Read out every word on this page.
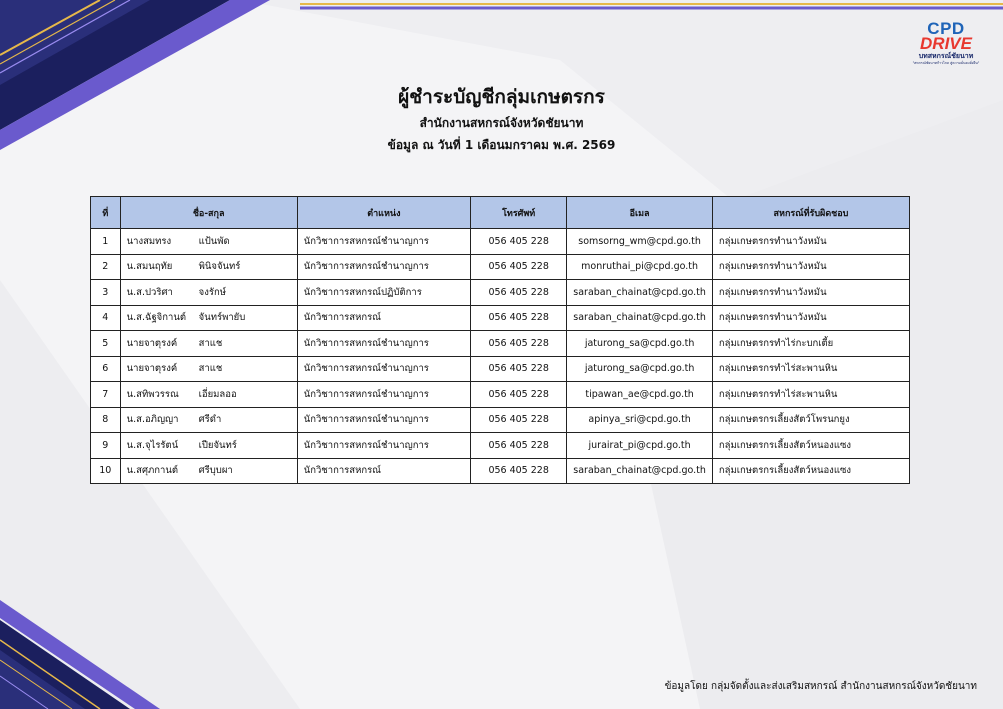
CPD
DRIVE
บทสหกรณ์ชัยนาท
"สหกรณ์ชัยนาทก้าวไกล สู่ความมั่นคงยั่งยืน"
ผู้ชำระบัญชีกลุ่มเกษตรกร
สำนักงานสหกรณ์จังหวัดชัยนาท
ข้อมูล ณ วันที่ 1 เดือนมกราคม พ.ศ. 2569
ที่	ชื่อ-สกุล	ตำแหน่ง	โทรศัพท์	อีเมล	สหกรณ์ที่รับผิดชอบ
1	นางสมทรง แป้นพัด	นักวิชาการสหกรณ์ชำนาญการ	056 405 228	somsorng_wm@cpd.go.th	กลุ่มเกษตรกรทำนาวังหมัน
2	น.สมนฤทัย พินิจจันทร์	นักวิชาการสหกรณ์ชำนาญการ	056 405 228	monruthai_pi@cpd.go.th	กลุ่มเกษตรกรทำนาวังหมัน
3	น.ส.ปวริศา จงรักษ์	นักวิชาการสหกรณ์ปฏิบัติการ	056 405 228	saraban_chainat@cpd.go.th	กลุ่มเกษตรกรทำนาวังหมัน
4	น.ส.ฉัฐจิกานต์ จันทร์พายับ	นักวิชาการสหกรณ์	056 405 228	saraban_chainat@cpd.go.th	กลุ่มเกษตรกรทำนาวังหมัน
5	นายจาตุรงค์ สาแช	นักวิชาการสหกรณ์ชำนาญการ	056 405 228	jaturong_sa@cpd.go.th	กลุ่มเกษตรกรทำไร่กะบกเตี้ย
6	นายจาตุรงค์ สาแช	นักวิชาการสหกรณ์ชำนาญการ	056 405 228	jaturong_sa@cpd.go.th	กลุ่มเกษตรกรทำไร่สะพานหิน
7	น.สทิพวรรณ เอี่ยมลออ	นักวิชาการสหกรณ์ชำนาญการ	056 405 228	tipawan_ae@cpd.go.th	กลุ่มเกษตรกรทำไร่สะพานหิน
8	น.ส.อภิญญา ศรีดำ	นักวิชาการสหกรณ์ชำนาญการ	056 405 228	apinya_sri@cpd.go.th	กลุ่มเกษตรกรเลี้ยงสัตว์โพรนกยูง
9	น.ส.จุไรรัตน์ เปียจันทร์	นักวิชาการสหกรณ์ชำนาญการ	056 405 228	jurairat_pi@cpd.go.th	กลุ่มเกษตรกรเลี้ยงสัตว์หนองแซง
10	น.สศุภกานต์ ศรีบุบผา	นักวิชาการสหกรณ์	056 405 228	saraban_chainat@cpd.go.th	กลุ่มเกษตรกรเลี้ยงสัตว์หนองแซง
ข้อมูลโดย กลุ่มจัดตั้งและส่งเสริมสหกรณ์ สำนักงานสหกรณ์จังหวัดชัยนาท
